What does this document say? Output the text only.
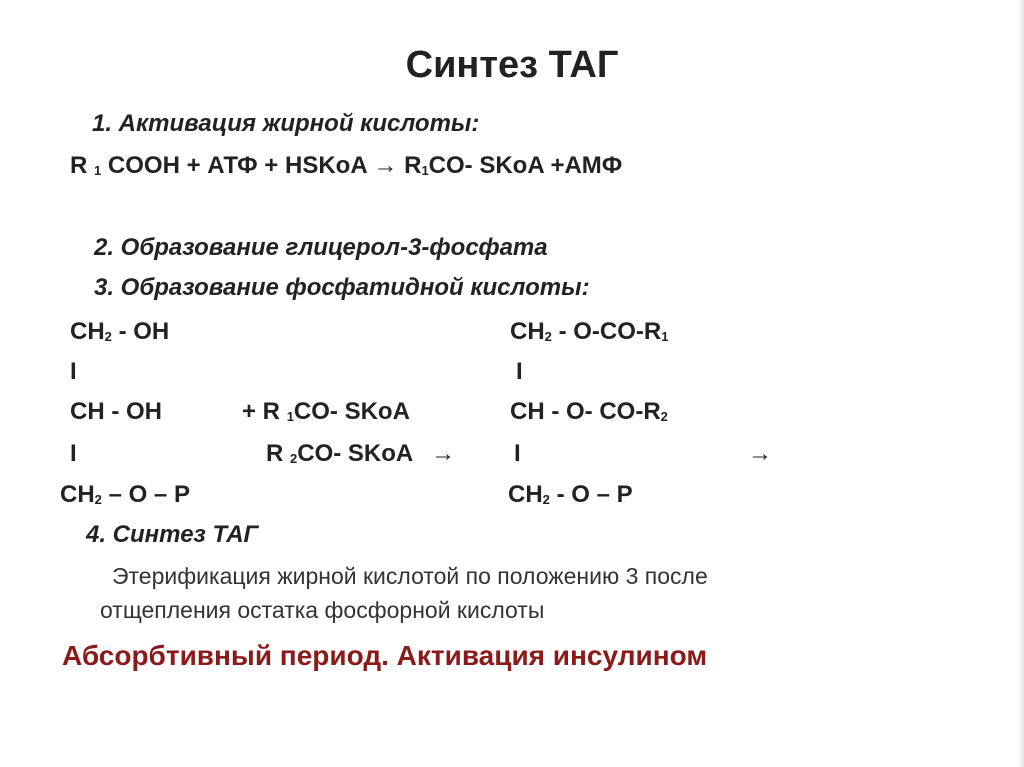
Синтез ТАГ
1. Активация жирной кислоты:
R 1 COOH + АТФ + HSKoA → R1CO- SKoA +AMФ
2. Образование глицерол-3-фосфата
3. Образование фосфатидной кислоты:
CH2 - OH
I
CH - OH
I
CH2 – O – P
+ R 1CO- SKoA
R 2CO- SKoA →
CH2 - O-CO-R1
I
CH - O- CO-R2
I	→
CH2 - O – P
4. Синтез ТАГ
Этерификация жирной кислотой по положению 3 после
отщепления остатка фосфорной кислоты
Абсорбтивный период. Активация инсулином
